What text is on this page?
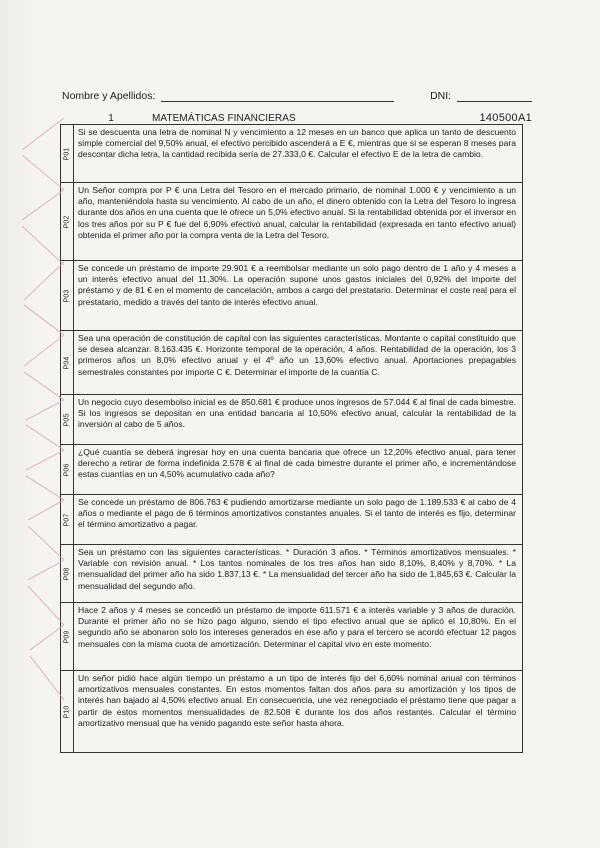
Nombre y Apellidos:	DNI:
1	MATEMÁTICAS FINANCIERAS	140500A1
P01
Si se descuenta una letra de nominal N y vencimiento a 12 meses en un banco que aplica un tanto de descuento simple comercial del 9,50% anual, el efectivo percibido ascenderá a E €, mientras que si se esperan 8 meses para descontar dicha letra, la cantidad recibida sería de 27.333,0 €. Calcular el efectivo E de la letra de cambio.
P02
Un Señor compra por P € una Letra del Tesoro en el mercado primario, de nominal 1.000 € y vencimiento a un año, manteniéndola hasta su vencimiento. Al cabo de un año, el dinero obtenido con la Letra del Tesoro lo ingresa durante dos años en una cuenta que le ofrece un 5,0% efectivo anual. Si la rentabilidad obtenida por el inversor en los tres años por su P € fue del 6,90% efectivo anual, calcular la rentabilidad (expresada en tanto efectivo anual) obtenida el primer año por la compra venta de la Letra del Tesoro.
P03
Se concede un préstamo de importe 29.901 € a reembolsar mediante un solo pago dentro de 1 año y 4 meses a un interés efectivo anual del 11,30%. La operación supone unos gastos iniciales del 0,92% del importe del préstamo y de 81 € en el momento de cancelación, ambos a cargo del prestatario. Determinar el coste real para el prestatario, medido a través del tanto de interés efectivo anual.
P04
Sea una operación de constitución de capital con las siguientes características. Montante o capital constituido que se desea alcanzar. 8.163.435 €. Horizonte temporal de la operación, 4 años. Rentabilidad de la operación, los 3 primeros años un 8,0% efectivo anual y el 4º año un 13,60% efectivo anual. Aportaciones prepagables semestrales constantes por importe C €. Determinar el importe de la cuantía C.
P05
Un negocio cuyo desembolso inicial es de 850.681 € produce unos ingresos de 57.044 € al final de cada bimestre. Si los ingresos se depositan en una entidad bancaria al 10,50% efectivo anual, calcular la rentabilidad de la inversión al cabo de 5 años.
P06
¿Qué cuantía se deberá ingresar hoy en una cuenta bancaria que ofrece un 12,20% efectivo anual, para tener derecho a retirar de forma indefinida 2.578 € al final de cada bimestre durante el primer año, e incrementándose estas cuantías en un 4,50% acumulativo cada año?
P07
Se concede un préstamo de 806.763 € pudiendo amortizarse mediante un solo pago de 1.189.533 € al cabo de 4 años o mediante el pago de 6 términos amortizativos constantes anuales. Si el tanto de interés es fijo, determinar el término amortizativo a pagar.
P08
Sea un préstamo con las siguientes características. * Duración 3 años. * Términos amortizativos mensuales. * Variable con revisión anual. * Los tantos nominales de los tres años han sido 8,10%, 8,40% y 8,70%. * La mensualidad del primer año ha sido 1.837,13 €. * La mensualidad del tercer año ha sido de 1.845,63 €. Calcular la mensualidad del segundo año.
P09
Hace 2 años y 4 meses se concedió un préstamo de importe 611.571 € a interés variable y 3 años de duración. Durante el primer año no se hizo pago alguno, siendo el tipo efectivo anual que se aplicó el 10,80%. En el segundo año se abonaron solo los intereses generados en ese año y para el tercero se acordó efectuar 12 pagos mensuales con la misma cuota de amortización. Determinar el capital vivo en este momento.
P10
Un señor pidió hace algún tiempo un préstamo a un tipo de interés fijo del 6,60% nominal anual con términos amortizativos mensuales constantes. En estos momentos faltan dos años para su amortización y los tipos de interés han bajado al 4,50% efectivo anual. En consecuencia, une vez renegociado el préstamo tiene que pagar a partir de estos momentos mensualidades de 82.508 € durante los dos años restantes. Calcular el término amortizativo mensual que ha venido pagando este señor hasta ahora.
